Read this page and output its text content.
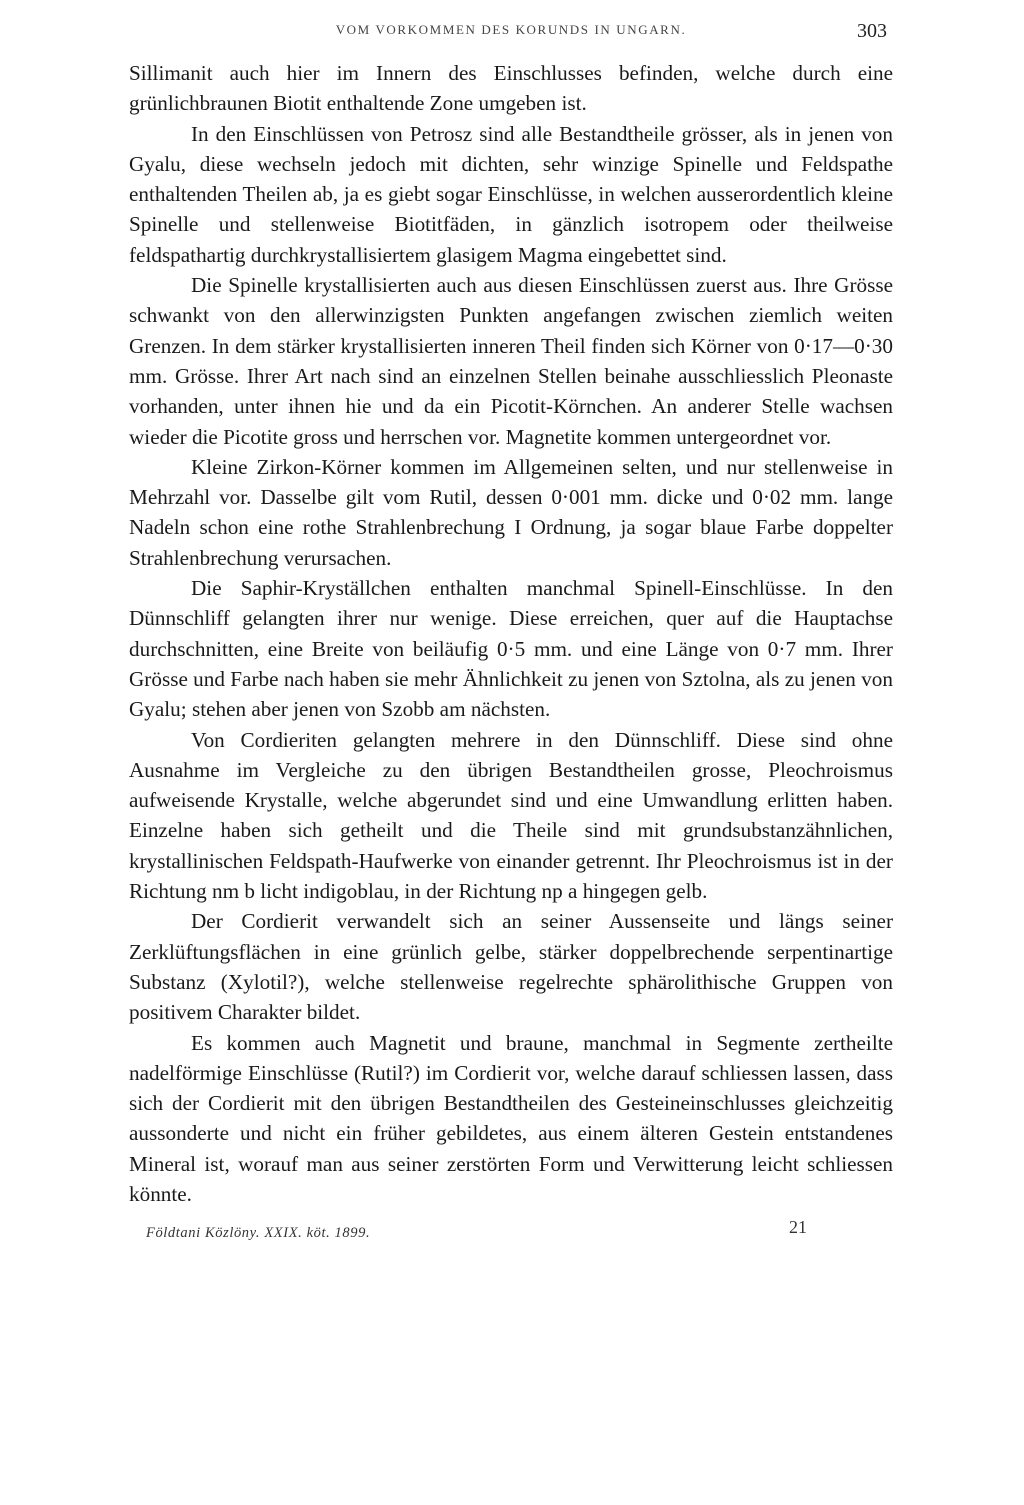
VOM VORKOMMEN DES KORUNDS IN UNGARN.	303

Sillimanit auch hier im Innern des Einschlusses befinden, welche durch eine grünlichbraunen Biotit enthaltende Zone umgeben ist.

In den Einschlüssen von Petrosz sind alle Bestandtheile grösser, als in jenen von Gyalu, diese wechseln jedoch mit dichten, sehr winzige Spinelle und Feldspathe enthaltenden Theilen ab, ja es giebt sogar Einschlüsse, in welchen ausserordentlich kleine Spinelle und stellenweise Biotitfäden, in gänzlich isotropem oder theilweise feldspathartig durchkrystallisiertem glasigem Magma eingebettet sind.

Die Spinelle krystallisierten auch aus diesen Einschlüssen zuerst aus. Ihre Grösse schwankt von den allerwinzigsten Punkten angefangen zwischen ziemlich weiten Grenzen. In dem stärker krystallisierten inneren Theil finden sich Körner von 0·17—0·30 mm. Grösse. Ihrer Art nach sind an einzelnen Stellen beinahe ausschliesslich Pleonaste vorhanden, unter ihnen hie und da ein Picotit-Körnchen. An anderer Stelle wachsen wieder die Picotite gross und herrschen vor. Magnetite kommen untergeordnet vor.

Kleine Zirkon-Körner kommen im Allgemeinen selten, und nur stellenweise in Mehrzahl vor. Dasselbe gilt vom Rutil, dessen 0·001 mm. dicke und 0·02 mm. lange Nadeln schon eine rothe Strahlenbrechung I Ordnung, ja sogar blaue Farbe doppelter Strahlenbrechung verursachen.

Die Saphir-Kryställchen enthalten manchmal Spinell-Einschlüsse. In den Dünnschliff gelangten ihrer nur wenige. Diese erreichen, quer auf die Hauptachse durchschnitten, eine Breite von beiläufig 0·5 mm. und eine Länge von 0·7 mm. Ihrer Grösse und Farbe nach haben sie mehr Ähnlichkeit zu jenen von Sztolna, als zu jenen von Gyalu; stehen aber jenen von Szobb am nächsten.

Von Cordieriten gelangten mehrere in den Dünnschliff. Diese sind ohne Ausnahme im Vergleiche zu den übrigen Bestandtheilen grosse, Pleochroismus aufweisende Krystalle, welche abgerundet sind und eine Umwandlung erlitten haben. Einzelne haben sich getheilt und die Theile sind mit grundsubstanzähnlichen, krystallinischen Feldspath-Haufwerke von einander getrennt. Ihr Pleochroismus ist in der Richtung nm b licht indigoblau, in der Richtung np a hingegen gelb.

Der Cordierit verwandelt sich an seiner Aussenseite und längs seiner Zerklüftungsflächen in eine grünlich gelbe, stärker doppelbrechende serpentinartige Substanz (Xylotil?), welche stellenweise regelrechte sphärolithische Gruppen von positivem Charakter bildet.

Es kommen auch Magnetit und braune, manchmal in Segmente zertheilte nadelförmige Einschlüsse (Rutil?) im Cordierit vor, welche darauf schliessen lassen, dass sich der Cordierit mit den übrigen Bestandtheilen des Gesteineinschlusses gleichzeitig aussonderte und nicht ein früher gebildetes, aus einem älteren Gestein entstandenes Mineral ist, worauf man aus seiner zerstörten Form und Verwitterung leicht schliessen könnte.

Földtani Közlöny. XXIX. köt. 1899.	21
